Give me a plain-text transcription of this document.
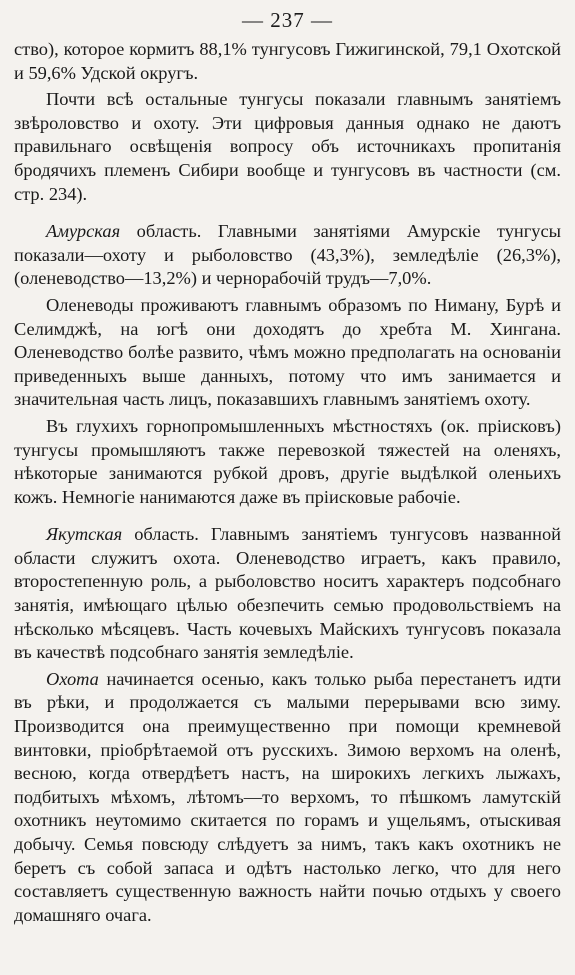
— 237 —

ство), которое кормитъ 88,1% тунгусовъ Гижигинской, 79,1 Охотской и 59,6% Удской округъ.

Почти всѣ остальные тунгусы показали главнымъ занятіемъ звѣроловство и охоту. Эти цифровыя данныя однако не даютъ правильнаго освѣщенія вопросу объ источникахъ пропитанія бродячихъ племенъ Сибири вообще и тунгусовъ въ частности (см. стр. 234).

Амурская область. Главными занятіями Амурскіе тунгусы показали—охоту и рыболовство (43,3%), земледѣліе (26,3%), (оленеводство—13,2%) и чернорабочій трудъ—7,0%.

Оленеводы проживаютъ главнымъ образомъ по Ниману, Бурѣ и Селимджѣ, на югѣ они доходятъ до хребта М. Хингана. Оленеводство болѣе развито, чѣмъ можно предполагать на основаніи приведенныхъ выше данныхъ, потому что имъ занимается и значительная часть лицъ, показавшихъ главнымъ занятіемъ охоту.

Въ глухихъ горнопромышленныхъ мѣстностяхъ (ок. пріисковъ) тунгусы промышляютъ также перевозкой тяжестей на оленяхъ, нѣкоторые занимаются рубкой дровъ, другіе выдѣлкой оленьихъ кожъ. Немногіе нанимаются даже въ пріисковые рабочіе.

Якутская область. Главнымъ занятіемъ тунгусовъ названной области служитъ охота. Оленеводство играетъ, какъ правило, второстепенную роль, а рыболовство носитъ характеръ подсобнаго занятія, имѣющаго цѣлью обезпечить семью продовольствіемъ на нѣсколько мѣсяцевъ. Часть кочевыхъ Майскихъ тунгусовъ показала въ качествѣ подсобнаго занятія земледѣліе.

Охота начинается осенью, какъ только рыба перестанетъ идти въ рѣки, и продолжается съ малыми перерывами всю зиму. Производится она преимущественно при помощи кремневой винтовки, пріобрѣтаемой отъ русскихъ. Зимою верхомъ на оленѣ, весною, когда отвердѣетъ настъ, на широкихъ легкихъ лыжахъ, подбитыхъ мѣхомъ, лѣтомъ—то верхомъ, то пѣшкомъ ламутскій охотникъ неутомимо скитается по горамъ и ущельямъ, отыскивая добычу. Семья повсюду слѣдуетъ за нимъ, такъ какъ охотникъ не беретъ съ собой запаса и одѣтъ настолько легко, что для него составляетъ существенную важность найти почью отдыхъ у своего домашняго очага.
